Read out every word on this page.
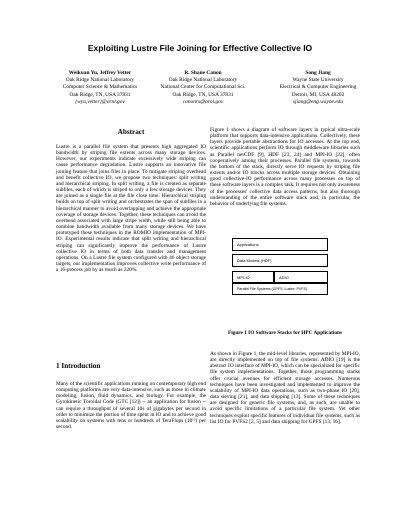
Exploiting Lustre File Joining for Effective Collective IO
Weikuan Yu, Jeffrey Vetter
Oak Ridge National Laboratory
Computer Science & Mathematics
Oak Ridge, TN, USA 37831
{wyu,vetter}@ornl.gov
R. Shane Canon
Oak Ridge National Laboratory
National Center for Computational Sci.
Oak Ridge, TN, USA 37831
canonrs@ornl.gov
Song Jiang
Wayne State University
Electrical & Computer Engineering
Detroit, MI, USA 48202
sjiang@eng.wayne.edu
Abstract

Lustre is a parallel file system that presents high aggregated IO bandwidth by striping file extents across many storage devices. However, our experiments indicate excessively wide striping can cause performance degradation. Lustre supports an innovative file joining feature that joins files in place. To mitigate striping overhead and benefit collective IO, we propose two techniques: split writing and hierarchical striping. In split writing, a file is created as separate subfiles, each of which is striped to only a few storage devices. They are joined as a single file at the file close time. Hierarchical striping builds on top of split writing and orchestrates the span of subfiles in a hierarchical manner to avoid overlapping and achieve the appropriate coverage of storage devices. Together, these techniques can avoid the overhead associated with large stripe width, while still being able to combine bandwidth available from many storage devices. We have prototyped these techniques in the ROMIO implementation of MPI-IO. Experimental results indicate that split writing and hierarchical striping can significantly improve the performance of Lustre collective IO in terms of both data transfer and management operations. On a Lustre file system configured with 46 object storage targets, our implementation improves collective write performance of a 16-process job by as much as 220%.

1 Introduction

Many of the scientific applications running on contemporary high end computing platforms are very data-intensive, such as those in climate modeling, fusion, fluid dynamics, and biology. For example, the Gyrokinetic Toroidal Code (GTC [12]) -- an application for fusion -- can require a throughput of several 10s of gigabytes per second in order to minimize the portion of time spent in IO and to achieve good scalability on systems with tens or hundreds of TeraFlops (10¹²) per second.

Figure 1 shows a diagram of software layers in typical ultra-scale platform that supports data-intensive applications. Collectively, these layers provide portable abstractions for IO accesses. At the top end, scientific applications perform IO through middleware libraries such as Parallel netCDF [9], HDF [23, 24] and MPI-IO [22], often cooperatively among their processes. Parallel file systems, towards the bottom of the stack, directly serve IO requests by striping file extents and/or IO blocks across multiple storage devices. Obtaining good collective-IO performance across many processes on top of these software layers is a complex task. It requires not only awareness of the processes' collective data access patterns, but also thorough understanding of the entire software stack and, in particular, the behavior of underlying file systems.

Applications
Data Models (HDF)
MPI-IO	ADIO
Parallel File Systems (GPFS, Lustre, PVFS)
Figure 1 IO Software Stacks for HPC Applications

As shown in Figure 1, the mid-level libraries, represented by MPI-IO, are directly implemented on top of file systems. ADIO [19] is the abstract IO interface of MPI-IO, which can be specialized for specific file system implementations. Together, those programming stacks offer crucial avenues for efficient storage accesses. Numerous techniques have been investigated and implemented to improve the scalability of MPI-IO data operations, such as two-phase IO [20], data sieving [21], and data shipping [13]. Some of these techniques are designed for generic file systems, and, as such, are unable to avoid specific limitations of a particular file system. Yet other techniques exploit specific features of individual file systems, such as list IO for PVFS2 [2, 5] and data shipping for GPFS [13, 16].
